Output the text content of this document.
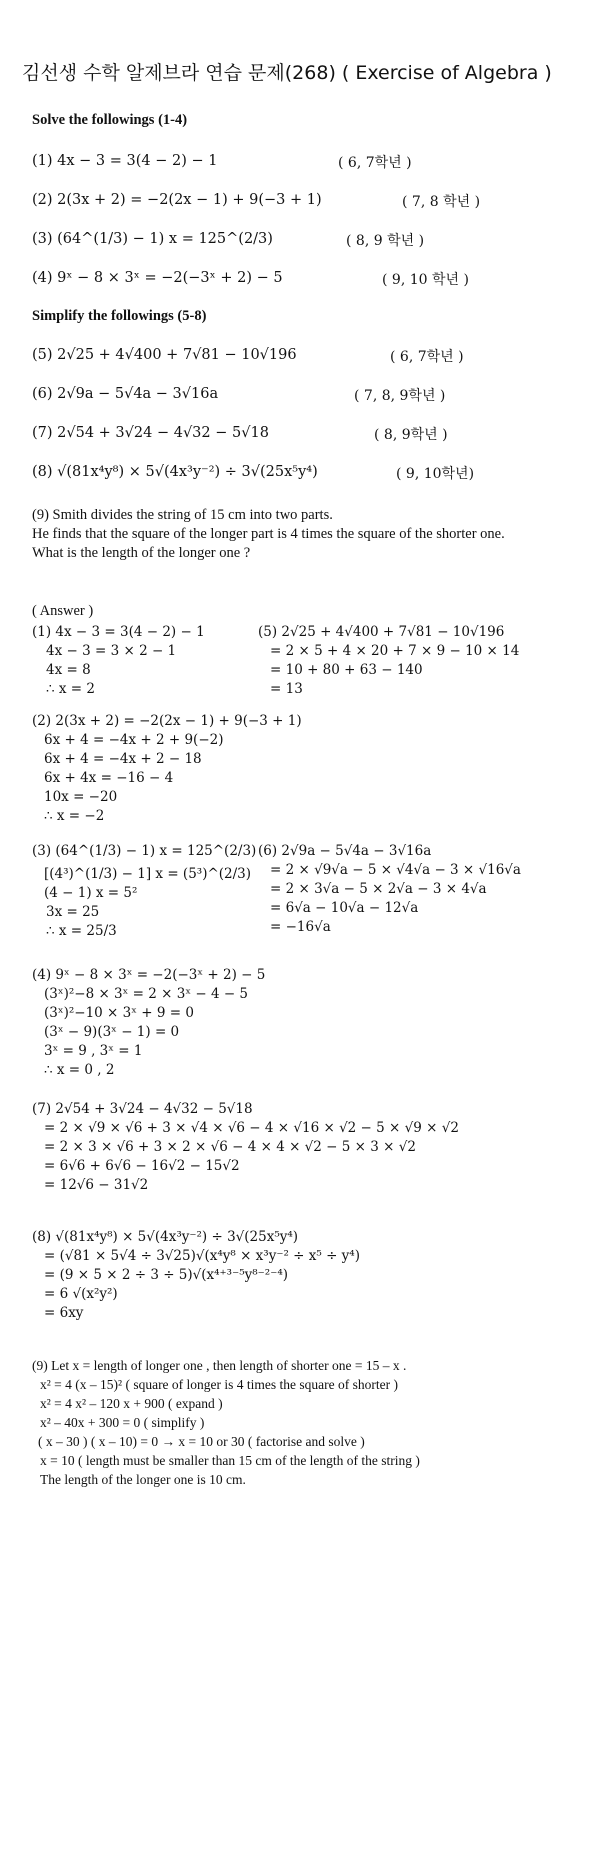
김선생 수학 알제브라 연습 문제(268) ( Exercise of Algebra )
Solve the followings (1-4)
(1) 4x − 3 = 3(4 − 2) − 1	( 6, 7학년 )
(2) 2(3x + 2) = −2(2x − 1) + 9(−3 + 1)	( 7, 8 학년 )
(3) (64^(1/3) − 1) x = 125^(2/3)	( 8, 9 학년 )
(4) 9ˣ − 8 × 3ˣ = −2(−3ˣ + 2) − 5	( 9, 10 학년 )
Simplify the followings (5-8)
(5) 2√25 + 4√400 + 7√81 − 10√196	( 6, 7학년 )
(6) 2√9a − 5√4a − 3√16a	( 7, 8, 9학년 )
(7) 2√54 + 3√24 − 4√32 − 5√18	( 8, 9학년 )
(8) √(81x⁴y⁸) × 5√(4x³y⁻²) ÷ 3√(25x⁵y⁴)	( 9, 10학년)
(9) Smith divides the string of 15 cm into two parts.
He finds that the square of the longer part is 4 times the square of the shorter one.
What is the length of the longer one ?
( Answer )
(1) 4x − 3 = 3(4 − 2) − 1
4x − 3 = 3 × 2 − 1
4x = 8
∴ x = 2
(5) 2√25 + 4√400 + 7√81 − 10√196
= 2 × 5 + 4 × 20 + 7 × 9 − 10 × 14
= 10 + 80 + 63 − 140
= 13
(2) 2(3x + 2) = −2(2x − 1) + 9(−3 + 1)
6x + 4 = −4x + 2 + 9(−2)
6x + 4 = −4x + 2 − 18
6x + 4x = −16 − 4
10x = −20
∴ x = −2
(3) (64^(1/3) − 1) x = 125^(2/3)
[(4³)^(1/3) − 1] x = (5³)^(2/3)
(4 − 1) x = 5²
3x = 25
∴ x = 25/3
(6) 2√9a − 5√4a − 3√16a
= 2 × √9√a − 5 × √4√a − 3 × √16√a
= 2 × 3√a − 5 × 2√a − 3 × 4√a
= 6√a − 10√a − 12√a
= −16√a
(4) 9ˣ − 8 × 3ˣ = −2(−3ˣ + 2) − 5
(3ˣ)²−8 × 3ˣ = 2 × 3ˣ − 4 − 5
(3ˣ)²−10 × 3ˣ + 9 = 0
(3ˣ − 9)(3ˣ − 1) = 0
3ˣ = 9 , 3ˣ = 1
∴ x = 0 , 2
(7) 2√54 + 3√24 − 4√32 − 5√18
= 2 × √9 × √6 + 3 × √4 × √6 − 4 × √16 × √2 − 5 × √9 × √2
= 2 × 3 × √6 + 3 × 2 × √6 − 4 × 4 × √2 − 5 × 3 × √2
= 6√6 + 6√6 − 16√2 − 15√2
= 12√6 − 31√2
(8) √(81x⁴y⁸) × 5√(4x³y⁻²) ÷ 3√(25x⁵y⁴)
= (√81 × 5√4 ÷ 3√25)√(x⁴y⁸ × x³y⁻² ÷ x⁵ ÷ y⁴)
= (9 × 5 × 2 ÷ 3 ÷ 5)√(x⁴⁺³⁻⁵y⁸⁻²⁻⁴)
= 6 √(x²y²)
= 6xy
(9) Let x = length of longer one , then length of shorter one = 15 – x .
x² = 4 (x – 15)² ( square of longer is 4 times the square of shorter )
x² = 4 x² – 120 x + 900 ( expand )
x² – 40x + 300 = 0 ( simplify )
( x – 30 ) ( x – 10) = 0 → x = 10 or 30 ( factorise and solve )
x = 10 ( length must be smaller than 15 cm of the length of the string )
The length of the longer one is 10 cm.
